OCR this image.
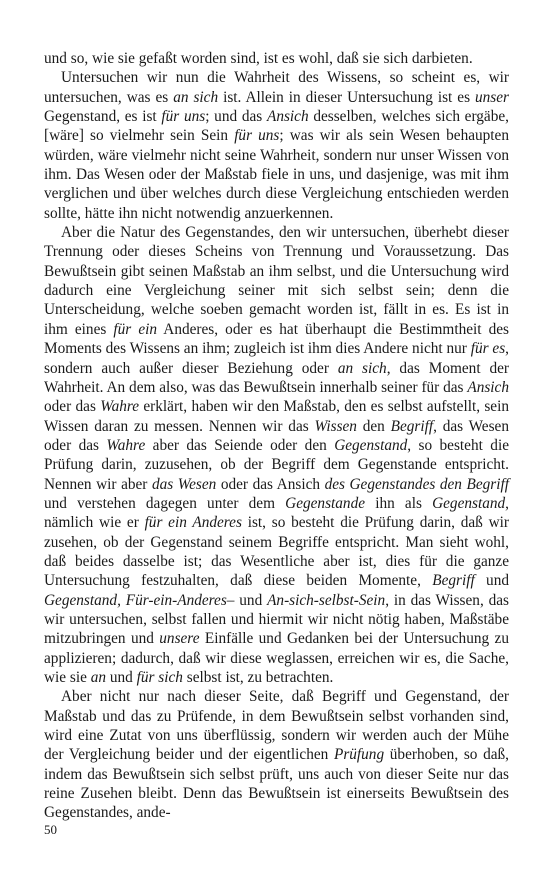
und so, wie sie gefaßt worden sind, ist es wohl, daß sie sich darbieten.

Untersuchen wir nun die Wahrheit des Wissens, so scheint es, wir untersuchen, was es an sich ist. Allein in dieser Untersuchung ist es unser Gegenstand, es ist für uns; und das Ansich desselben, welches sich ergäbe, [wäre] so vielmehr sein Sein für uns; was wir als sein Wesen behaupten würden, wäre vielmehr nicht seine Wahrheit, sondern nur unser Wissen von ihm. Das Wesen oder der Maßstab fiele in uns, und dasjenige, was mit ihm verglichen und über welches durch diese Vergleichung entschieden werden sollte, hätte ihn nicht notwendig anzuerkennen.

Aber die Natur des Gegenstandes, den wir untersuchen, überhebt dieser Trennung oder dieses Scheins von Trennung und Voraussetzung. Das Bewußtsein gibt seinen Maßstab an ihm selbst, und die Untersuchung wird dadurch eine Vergleichung seiner mit sich selbst sein; denn die Unterscheidung, welche soeben gemacht worden ist, fällt in es. Es ist in ihm eines für ein Anderes, oder es hat überhaupt die Bestimmtheit des Moments des Wissens an ihm; zugleich ist ihm dies Andere nicht nur für es, sondern auch außer dieser Beziehung oder an sich, das Moment der Wahrheit. An dem also, was das Bewußtsein innerhalb seiner für das Ansich oder das Wahre erklärt, haben wir den Maßstab, den es selbst aufstellt, sein Wissen daran zu messen. Nennen wir das Wissen den Begriff, das Wesen oder das Wahre aber das Seiende oder den Gegenstand, so besteht die Prüfung darin, zuzusehen, ob der Begriff dem Gegenstande entspricht. Nennen wir aber das Wesen oder das Ansich des Gegenstandes den Begriff und verstehen dagegen unter dem Gegenstande ihn als Gegenstand, nämlich wie er für ein Anderes ist, so besteht die Prüfung darin, daß wir zusehen, ob der Gegenstand seinem Begriffe entspricht. Man sieht wohl, daß beides dasselbe ist; das Wesentliche aber ist, dies für die ganze Untersuchung festzuhalten, daß diese beiden Momente, Begriff und Gegenstand, Für-ein-Anderes– und An-sich-selbst-Sein, in das Wissen, das wir untersuchen, selbst fallen und hiermit wir nicht nötig haben, Maßstäbe mitzubringen und unsere Einfälle und Gedanken bei der Untersuchung zu applizieren; dadurch, daß wir diese weglassen, erreichen wir es, die Sache, wie sie an und für sich selbst ist, zu betrachten.

Aber nicht nur nach dieser Seite, daß Begriff und Gegenstand, der Maßstab und das zu Prüfende, in dem Bewußtsein selbst vorhanden sind, wird eine Zutat von uns überflüssig, sondern wir werden auch der Mühe der Vergleichung beider und der eigentlichen Prüfung überhoben, so daß, indem das Bewußtsein sich selbst prüft, uns auch von dieser Seite nur das reine Zusehen bleibt. Denn das Bewußtsein ist einerseits Bewußtsein des Gegenstandes, ande-

50
